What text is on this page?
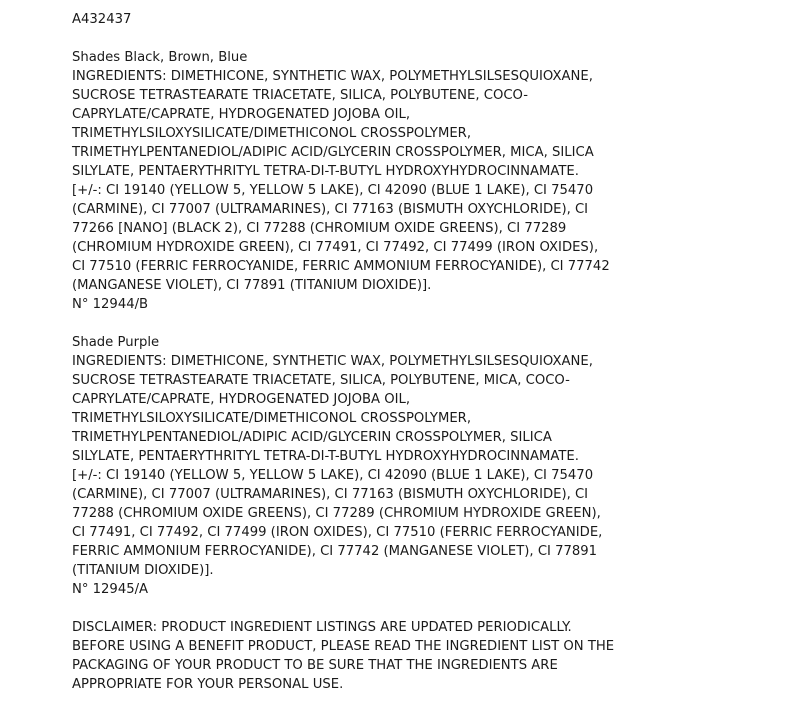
A432437
Shades Black, Brown, Blue
INGREDIENTS: DIMETHICONE, SYNTHETIC WAX, POLYMETHYLSILSESQUIOXANE,
SUCROSE TETRASTEARATE TRIACETATE, SILICA, POLYBUTENE, COCO-
CAPRYLATE/CAPRATE, HYDROGENATED JOJOBA OIL,
TRIMETHYLSILOXYSILICATE/DIMETHICONOL CROSSPOLYMER,
TRIMETHYLPENTANEDIOL/ADIPIC ACID/GLYCERIN CROSSPOLYMER, MICA, SILICA
SILYLATE, PENTAERYTHRITYL TETRA-DI-T-BUTYL HYDROXYHYDROCINNAMATE.
[+/-: CI 19140 (YELLOW 5, YELLOW 5 LAKE), CI 42090 (BLUE 1 LAKE), CI 75470
(CARMINE), CI 77007 (ULTRAMARINES), CI 77163 (BISMUTH OXYCHLORIDE), CI
77266 [NANO] (BLACK 2), CI 77288 (CHROMIUM OXIDE GREENS), CI 77289
(CHROMIUM HYDROXIDE GREEN), CI 77491, CI 77492, CI 77499 (IRON OXIDES),
CI 77510 (FERRIC FERROCYANIDE, FERRIC AMMONIUM FERROCYANIDE), CI 77742
(MANGANESE VIOLET), CI 77891 (TITANIUM DIOXIDE)].
N° 12944/B
Shade Purple
INGREDIENTS: DIMETHICONE, SYNTHETIC WAX, POLYMETHYLSILSESQUIOXANE,
SUCROSE TETRASTEARATE TRIACETATE, SILICA, POLYBUTENE, MICA, COCO-
CAPRYLATE/CAPRATE, HYDROGENATED JOJOBA OIL,
TRIMETHYLSILOXYSILICATE/DIMETHICONOL CROSSPOLYMER,
TRIMETHYLPENTANEDIOL/ADIPIC ACID/GLYCERIN CROSSPOLYMER, SILICA
SILYLATE, PENTAERYTHRITYL TETRA-DI-T-BUTYL HYDROXYHYDROCINNAMATE.
[+/-: CI 19140 (YELLOW 5, YELLOW 5 LAKE), CI 42090 (BLUE 1 LAKE), CI 75470
(CARMINE), CI 77007 (ULTRAMARINES), CI 77163 (BISMUTH OXYCHLORIDE), CI
77288 (CHROMIUM OXIDE GREENS), CI 77289 (CHROMIUM HYDROXIDE GREEN),
CI 77491, CI 77492, CI 77499 (IRON OXIDES), CI 77510 (FERRIC FERROCYANIDE,
FERRIC AMMONIUM FERROCYANIDE), CI 77742 (MANGANESE VIOLET), CI 77891
(TITANIUM DIOXIDE)].
N° 12945/A
DISCLAIMER: PRODUCT INGREDIENT LISTINGS ARE UPDATED PERIODICALLY.
BEFORE USING A BENEFIT PRODUCT, PLEASE READ THE INGREDIENT LIST ON THE
PACKAGING OF YOUR PRODUCT TO BE SURE THAT THE INGREDIENTS ARE
APPROPRIATE FOR YOUR PERSONAL USE.
